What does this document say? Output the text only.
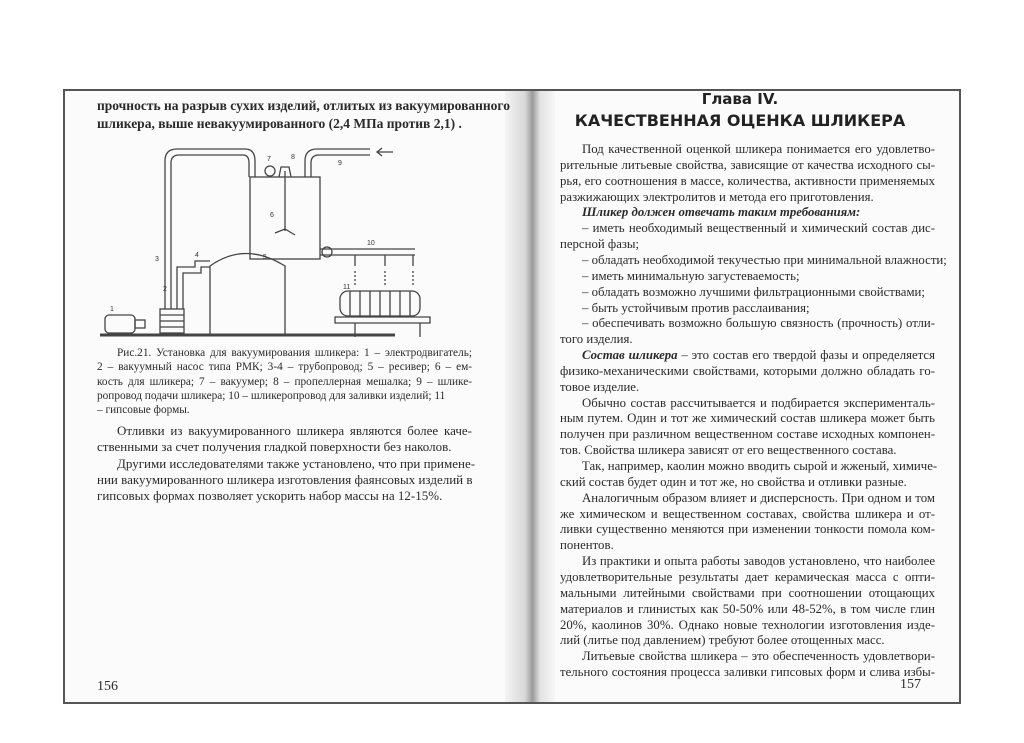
прочность на разрыв сухих изделий, отлитых из вакуумированного
шликера, выше невакуумированного (2,4 МПа против 2,1) .
1
2
3
4	5
6
7	8
9
10
11
Рис.21. Установка для вакуумирования шликера: 1 – электродвигатель;
2 – вакуумный насос типа РМК; 3-4 – трубопровод; 5 – ресивер; 6 – ем-
кость для шликера; 7 – вакуумер; 8 – пропеллерная мешалка; 9 – шлике-
ропровод подачи шликера; 10 – шликеропровод для заливки изделий; 11
– гипсовые формы.
Отливки из вакуумированного шликера являются более каче-
ственными за счет получения гладкой поверхности без наколов.
Другими исследователями также установлено, что при примене-
нии вакуумированного шликера изготовления фаянсовых изделий в
гипсовых формах позволяет ускорить набор массы на 12-15%.
156
Глава IV.
КАЧЕСТВЕННАЯ ОЦЕНКА ШЛИКЕРА
Под качественной оценкой шликера понимается его удовлетво-
рительные литьевые свойства, зависящие от качества исходного сы-
рья, его соотношения в массе, количества, активности применяемых
разжижающих электролитов и метода его приготовления.
Шликер должен отвечать таким требованиям:
– иметь необходимый вещественный и химический состав дис-
персной фазы;
– обладать необходимой текучестью при минимальной влажности;
– иметь минимальную загустеваемость;
– обладать возможно лучшими фильтрационными свойствами;
– быть устойчивым против расслаивания;
– обеспечивать возможно большую связность (прочность) отли-
того изделия.
Состав шликера – это состав его твердой фазы и определяется
физико-механическими свойствами, которыми должно обладать го-
товое изделие.
Обычно состав рассчитывается и подбирается эксперименталь-
ным путем. Один и тот же химический состав шликера может быть
получен при различном вещественном составе исходных компонен-
тов. Свойства шликера зависят от его вещественного состава.
Так, например, каолин можно вводить сырой и жженый, химиче-
ский состав будет один и тот же, но свойства и отливки разные.
Аналогичным образом влияет и дисперсность. При одном и том
же химическом и вещественном составах, свойства шликера и от-
ливки существенно меняются при изменении тонкости помола ком-
понентов.
Из практики и опыта работы заводов установлено, что наиболее
удовлетворительные результаты дает керамическая масса с опти-
мальными литейными свойствами при соотношении отощающих
материалов и глинистых как 50-50% или 48-52%, в том числе глин
20%, каолинов 30%. Однако новые технологии изготовления изде-
лий (литье под давлением) требуют более отощенных масс.
Литьевые свойства шликера – это обеспеченность удовлетвори-
тельного состояния процесса заливки гипсовых форм и слива избы-
157
